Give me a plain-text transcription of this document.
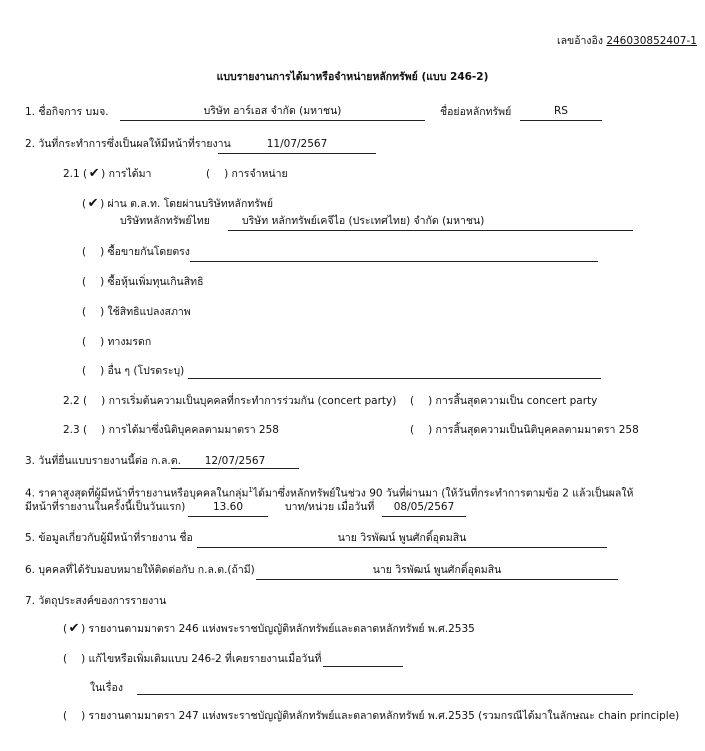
เลขอ้างอิง 246030852407-1
แบบรายงานการได้มาหรือจำหน่ายหลักทรัพย์ (แบบ 246-2)
1. ชื่อกิจการ บมจ.	บริษัท อาร์เอส จำกัด (มหาชน)	ชื่อย่อหลักทรัพย์	RS
2. วันที่กระทำการซึ่งเป็นผลให้มีหน้าที่รายงาน	11/07/2567
2.1 ( ✔ ) การได้มา	( ) การจำหน่าย
( ✔ ) ผ่าน ต.ล.ท. โดยผ่านบริษัทหลักทรัพย์
บริษัทหลักทรัพย์ไทย	บริษัท หลักทรัพย์เคจีไอ (ประเทศไทย) จำกัด (มหาชน)
( ) ซื้อขายกันโดยตรง
( ) ซื้อหุ้นเพิ่มทุนเกินสิทธิ
( ) ใช้สิทธิแปลงสภาพ
( ) ทางมรดก
( ) อื่น ๆ (โปรดระบุ)
2.2 ( ) การเริ่มต้นความเป็นบุคคลที่กระทำการร่วมกัน (concert party) ( ) การสิ้นสุดความเป็น concert party
2.3 ( ) การได้มาซึ่งนิติบุคคลตามมาตรา 258	( ) การสิ้นสุดความเป็นนิติบุคคลตามมาตรา 258
3. วันที่ยื่นแบบรายงานนี้ต่อ ก.ล.ต.	12/07/2567
4. ราคาสูงสุดที่ผู้มีหน้าที่รายงานหรือบุคคลในกลุ่ม$^1$ได้มาซึ่งหลักทรัพย์ในช่วง 90 วันที่ผ่านมา (ให้วันที่กระทำการตามข้อ 2 แล้วเป็นผลให้
มีหน้าที่รายงานในครั้งนี้เป็นวันแรก)	13.60	บาท/หน่วย เมื่อวันที่	08/05/2567
5. ข้อมูลเกี่ยวกับผู้มีหน้าที่รายงาน ชื่อ	นาย วิรพัฒน์ พูนศักดิ์อุดมสิน
6. บุคคลที่ได้รับมอบหมายให้ติดต่อกับ ก.ล.ต.(ถ้ามี)	นาย วิรพัฒน์ พูนศักดิ์อุดมสิน
7. วัตถุประสงค์ของการรายงาน
( ✔ ) รายงานตามมาตรา 246 แห่งพระราชบัญญัติหลักทรัพย์และตลาดหลักทรัพย์ พ.ศ.2535
( ) แก้ไขหรือเพิ่มเติมแบบ 246-2 ที่เคยรายงานเมื่อวันที่
ในเรื่อง
( ) รายงานตามมาตรา 247 แห่งพระราชบัญญัติหลักทรัพย์และตลาดหลักทรัพย์ พ.ศ.2535 (รวมกรณีได้มาในลักษณะ chain principle)
